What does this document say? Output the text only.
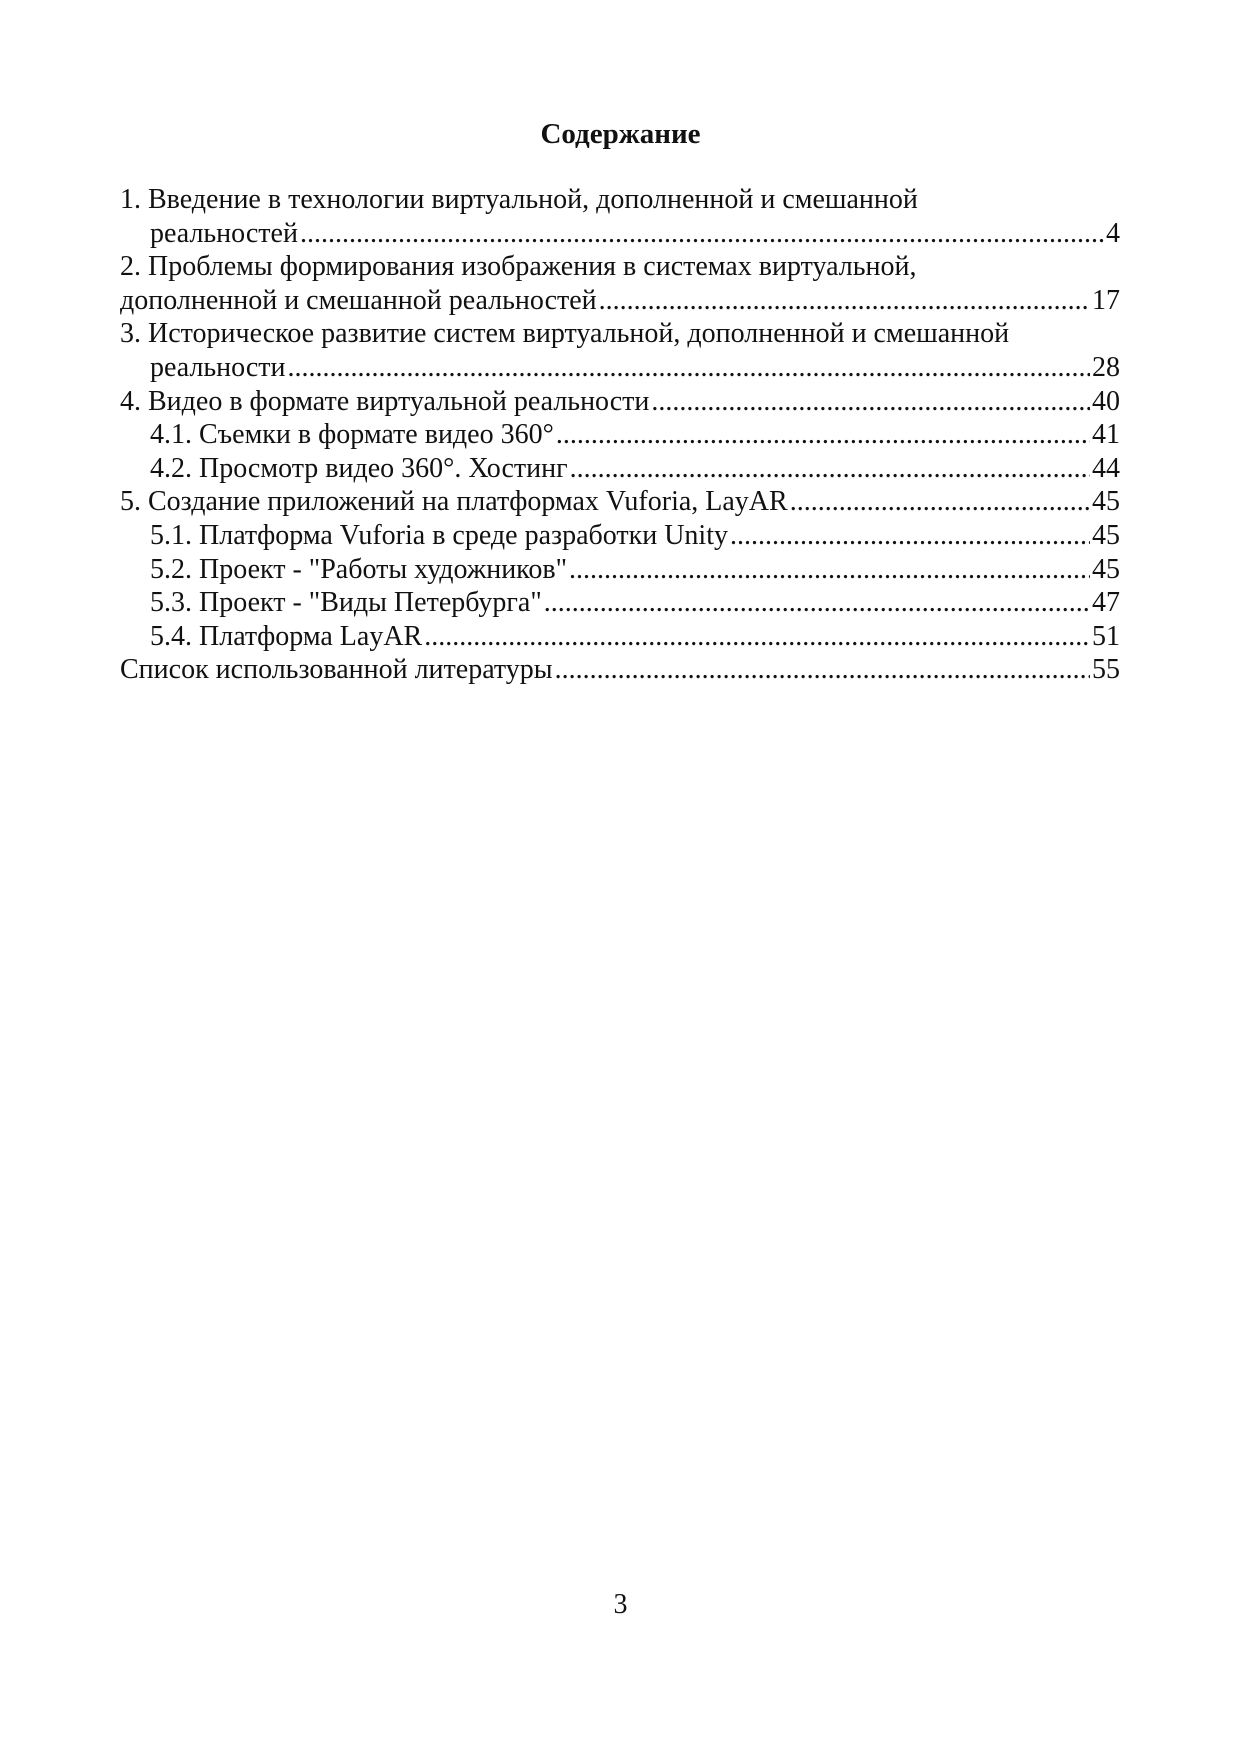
Содержание
1. Введение в технологии виртуальной, дополненной и смешанной
реальностей .....	4
2. Проблемы формирования изображения в системах виртуальной,
дополненной и смешанной реальностей .....	17
3. Историческое развитие систем виртуальной, дополненной и смешанной
реальности .....	28
4. Видео в формате виртуальной реальности .....	40
4.1. Съемки в формате видео 360° .....	41
4.2. Просмотр видео 360°. Хостинг .....	44
5. Создание приложений на платформах Vuforia, LayAR .....	45
5.1. Платформа Vuforia в среде разработки Unity .....	45
5.2. Проект - "Работы художников" .....	45
5.3. Проект - "Виды Петербурга" .....	47
5.4. Платформа LayAR .....	51
Список использованной литературы .....	55
3
